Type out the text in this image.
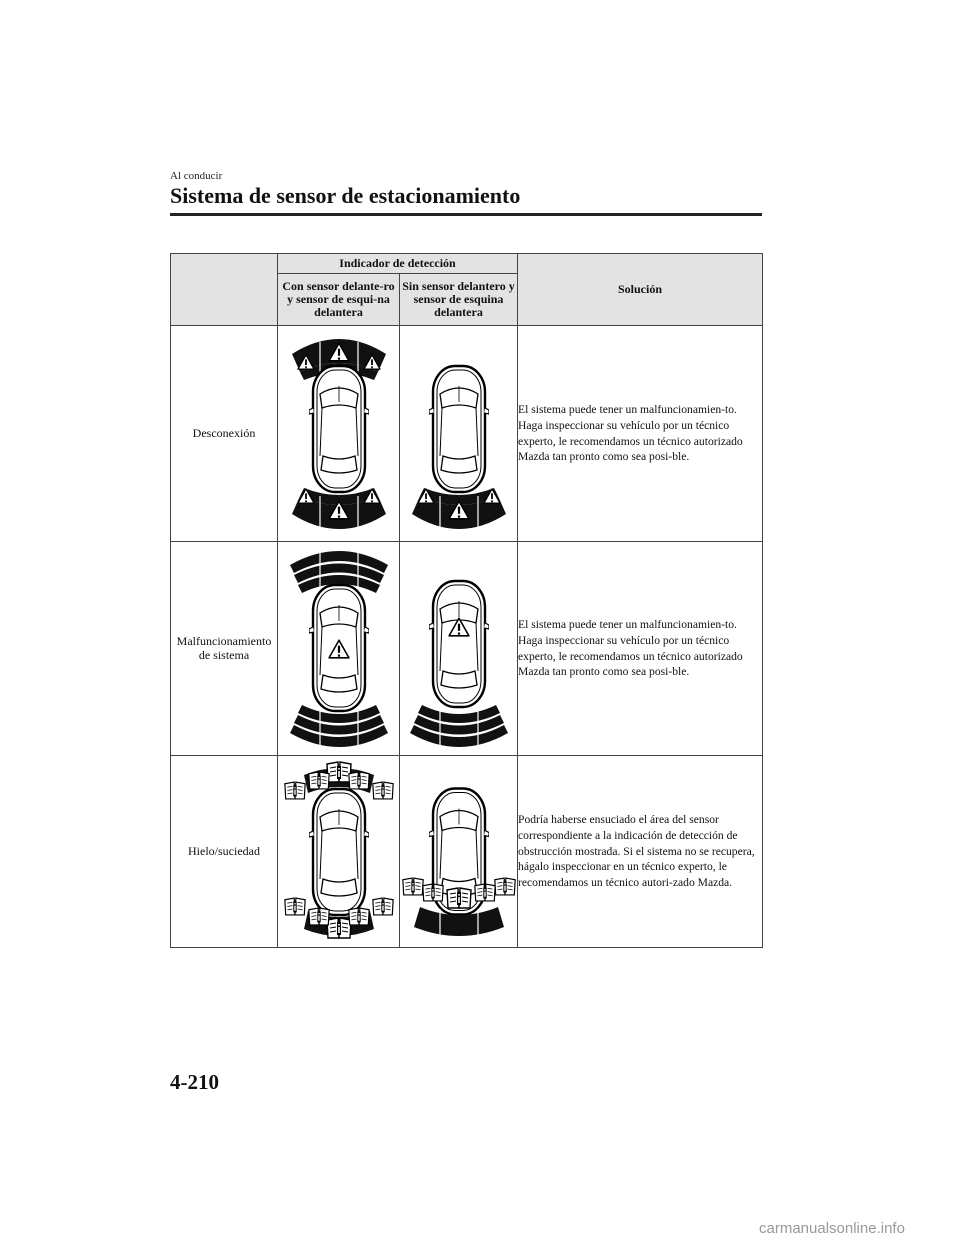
Al conducir
Sistema de sensor de estacionamiento
	Indicador de detección		Solución
	Con sensor delante-ro y sensor de esqui-na delantera	Sin sensor delantero y sensor de esquina delantera	
Desconexión			El sistema puede tener un malfuncionamien-to. Haga inspeccionar su vehículo por un técnico experto, le recomendamos un técnico autorizado Mazda tan pronto como sea posi-ble.
Malfuncionamiento de sistema			El sistema puede tener un malfuncionamien-to. Haga inspeccionar su vehículo por un técnico experto, le recomendamos un técnico autorizado Mazda tan pronto como sea posi-ble.
Hielo/suciedad			Podría haberse ensuciado el área del sensor correspondiente a la indicación de detección de obstrucción mostrada. Si el sistema no se recupera, hágalo inspeccionar en un técnico experto, le recomendamos un técnico autori-zado Mazda.
4-210
carmanualsonline.info
